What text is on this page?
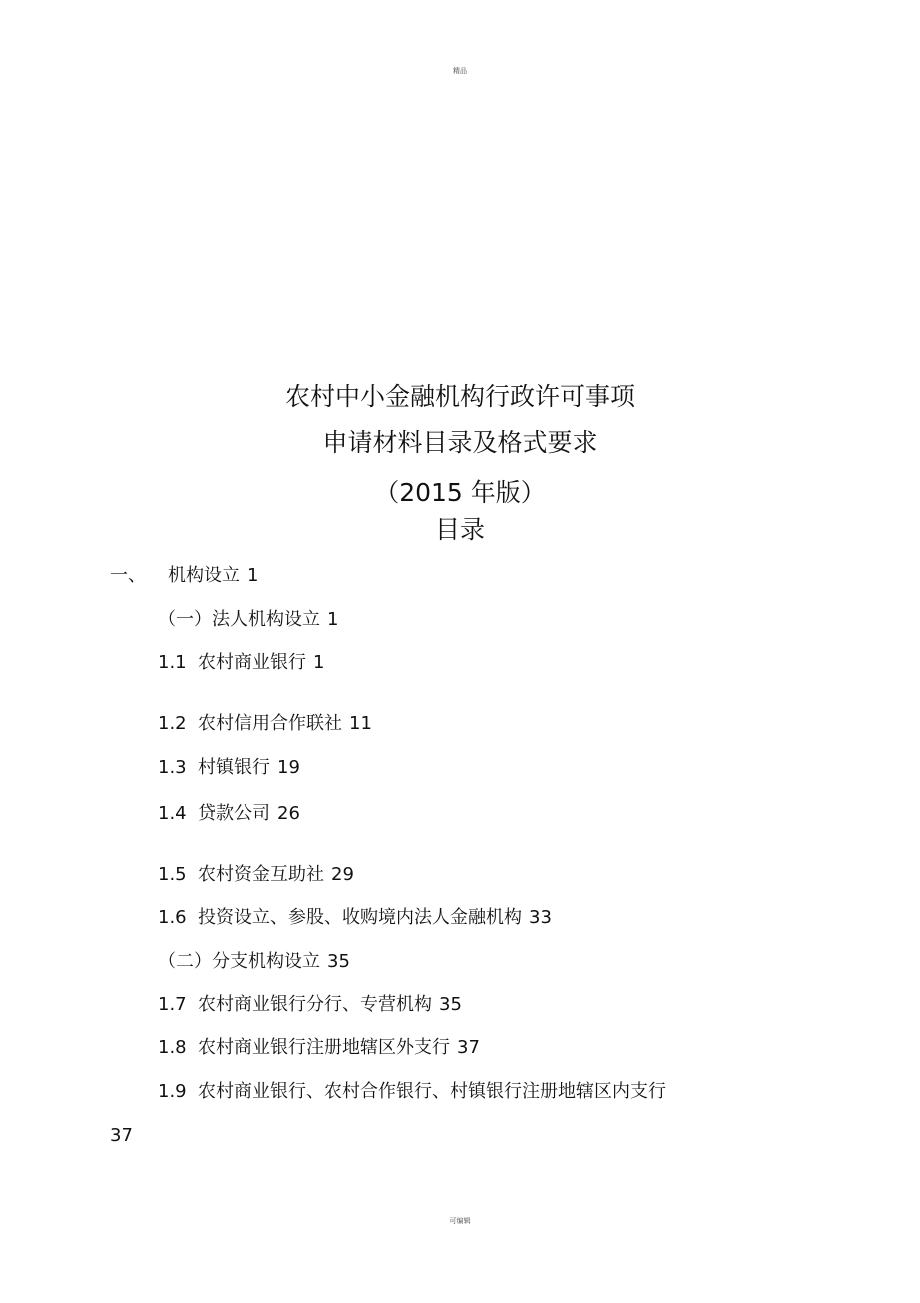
精品
农村中小金融机构行政许可事项
申请材料目录及格式要求
（2015 年版）
目录
一、 机构设立 1
（一）法人机构设立 1
1.1 农村商业银行 1
1.2 农村信用合作联社 11
1.3 村镇银行 19
1.4 贷款公司 26
1.5 农村资金互助社 29
1.6 投资设立、参股、收购境内法人金融机构 33
（二）分支机构设立 35
1.7 农村商业银行分行、专营机构 35
1.8 农村商业银行注册地辖区外支行 37
1.9 农村商业银行、农村合作银行、村镇银行注册地辖区内支行
37
可编辑
